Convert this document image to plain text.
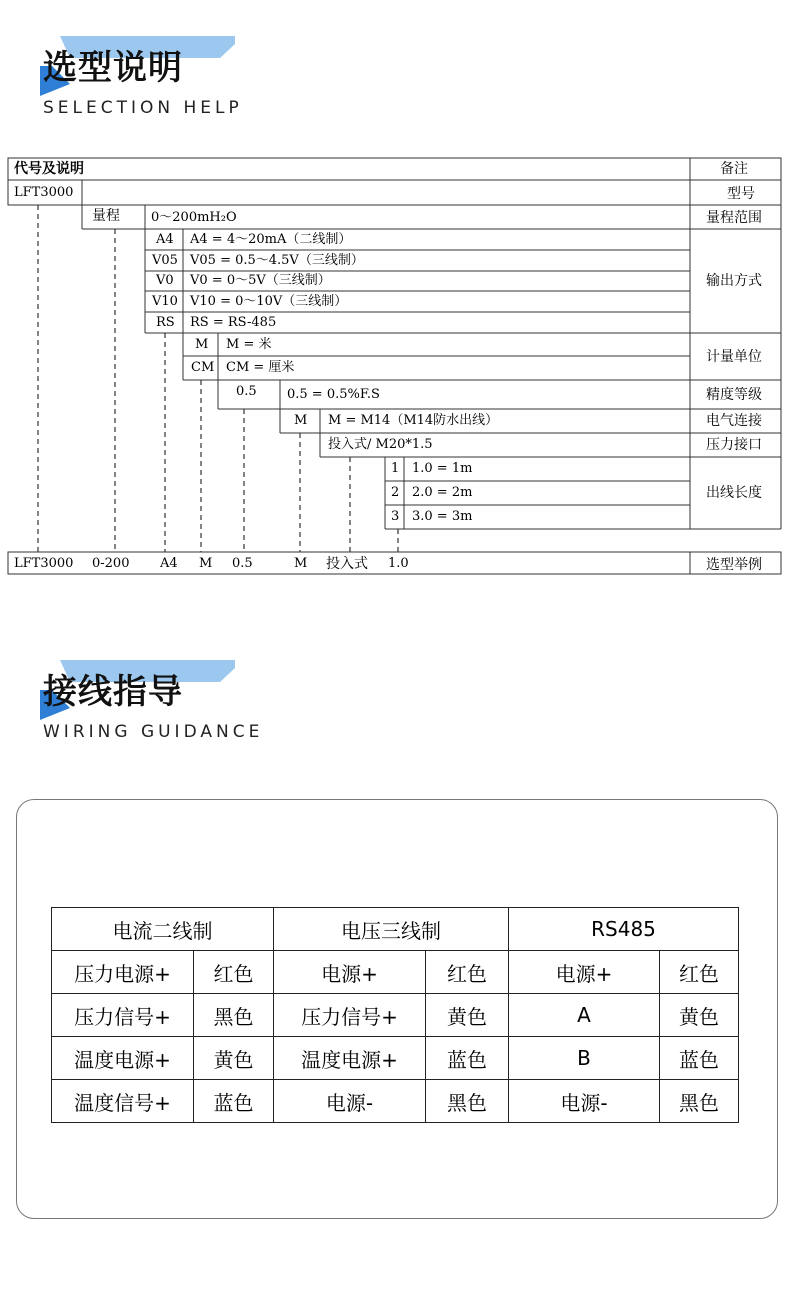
选型说明
SELECTION HELP
代号及说明	备注
LFT3000	型号
量程 0～200mH₂O	量程范围
A4 A4 = 4～20mA（二线制）
V05 V05 = 0.5～4.5V（三线制）
V0 V0 = 0～5V（三线制）
V10 V10 = 0～10V（三线制）
RS RS = RS-485
输出方式
M M = 米
CM CM = 厘米
计量单位
0.5 0.5 = 0.5%F.S	精度等级
M M = M14（M14防水出线）	电气连接
投入式/ M20*1.5	压力接口
1 1.0 = 1m
2 2.0 = 2m
3 3.0 = 3m
出线长度
LFT3000 0-200 A4 M 0.5	M 投入式 1.0	选型举例
接线指导
WIRING GUIDANCE
电流二线制		电压三线制		RS485	
压力电源+	红色	电源+	红色	电源+	红色
压力信号+	黑色	压力信号+	黄色	A	黄色
温度电源+	黄色	温度电源+	蓝色	B	蓝色
温度信号+	蓝色	电源-	黑色	电源-	黑色
